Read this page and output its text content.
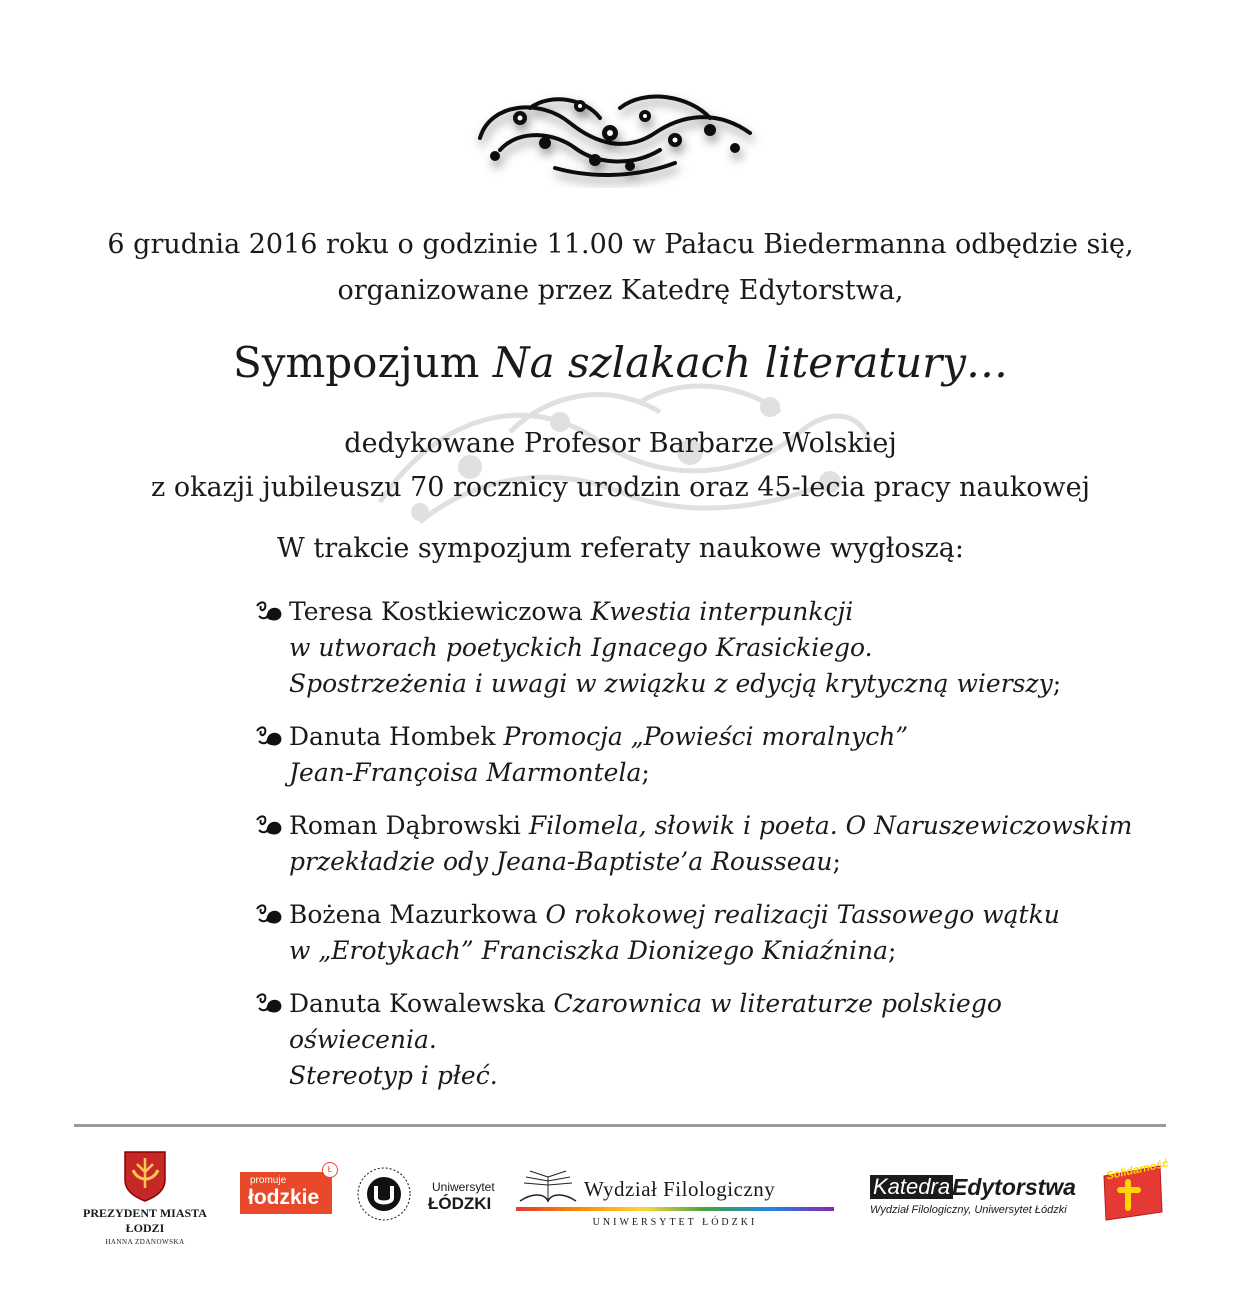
6 grudnia 2016 roku o godzinie 11.00 w Pałacu Biedermanna odbędzie się,
organizowane przez Katedrę Edytorstwa,
Sympozjum Na szlakach literatury…
dedykowane Profesor Barbarze Wolskiej
z okazji jubileuszu 70 rocznicy urodzin oraz 45-lecia pracy naukowej
W trakcie sympozjum referaty naukowe wygłoszą:
Teresa Kostkiewiczowa Kwestia interpunkcji
w utworach poetyckich Ignacego Krasickiego.
Spostrzeżenia i uwagi w związku z edycją krytyczną wierszy;
Danuta Hombek Promocja „Powieści moralnych”
Jean-Françoisa Marmontela;
Roman Dąbrowski Filomela, słowik i poeta. O Naruszewiczowskim
przekładzie ody Jeana-Baptiste’a Rousseau;
Bożena Mazurkowa O rokokowej realizacji Tassowego wątku
w „Erotykach” Franciszka Dionizego Kniaźnina;
Danuta Kowalewska Czarownica w literaturze polskiego oświecenia.
Stereotyp i płeć.
PREZYDENT MIASTA ŁODZI
HANNA ZDANOWSKA
promuje
łodzkie
Ł
Uniwersytet
ŁÓDZKI
Wydział Filologiczny
UNIWERSYTET ŁÓDZKI
Katedra Edytorstwa
Wydział Filologiczny, Uniwersytet Łódzki
Solidarność
